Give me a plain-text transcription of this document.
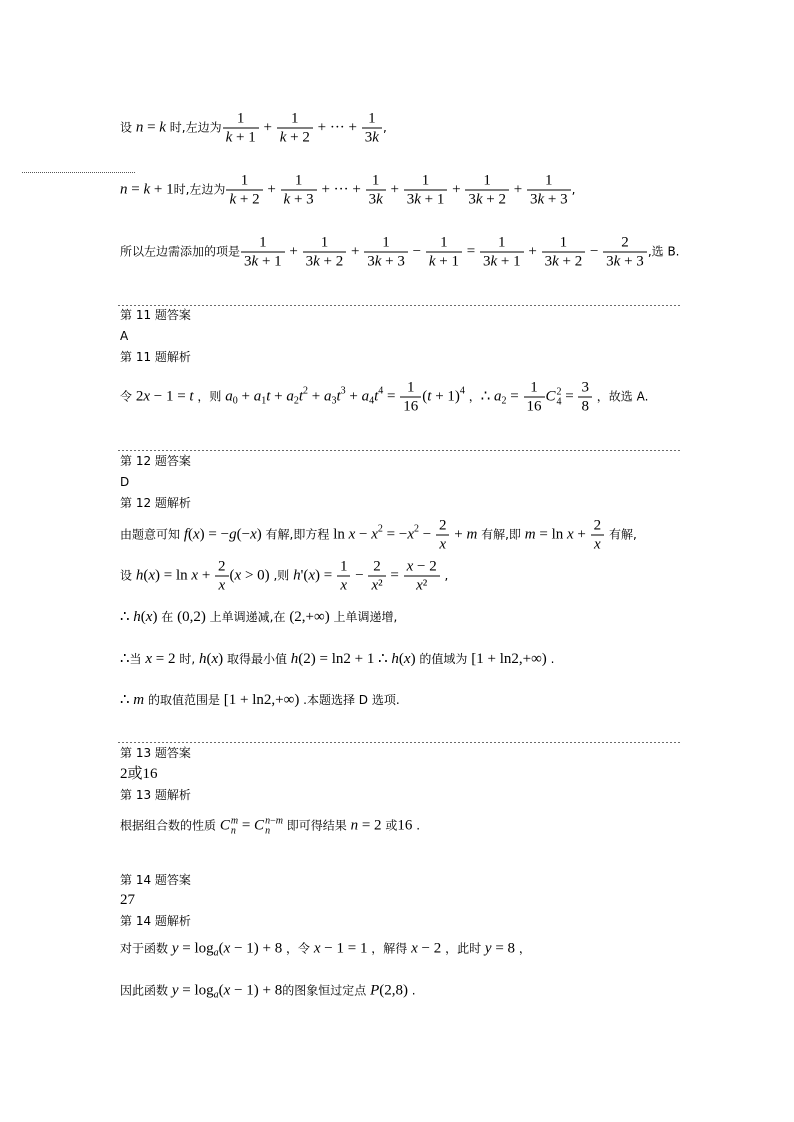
设 n = k 时,左边为 $\frac{1}{k + 1} + \frac{1}{k + 2}$ + ··· + $\frac{1}{3k}$ ,
n = k + 1时,左边为 $\frac{1}{k + 2} + \frac{1}{k + 3}$ + ··· + $\frac{1}{3k} + \frac{1}{3k + 1} + \frac{1}{3k + 2} + \frac{1}{3k + 3}$ ,
所以左边需添加的项是 $\frac{1}{3k + 1} + \frac{1}{3k + 2} + \frac{1}{3k + 3} - \frac{1}{k + 1} = \frac{1}{3k + 1} + \frac{1}{3k + 2} - \frac{2}{3k + 3}$ ,选 B.
第 11 题答案
A
第 11 题解析
令 2x − 1 = t ，则 $a_0 + a_1t + a_2t^2 + a_3t^3 + a_4t^4 = \frac{1}{16} (t + 1)^4$ ，∴ $a_2 = \frac{1}{16}$ C 2
$4 = \frac{3}{8}$ ，故选 A.
第 12 题答案
D
第 12 题解析
由题意可知 f(x) = −g(−x) 有解,即方程 $\ln x - x^2 = -x^2 - \frac{2}{x} + m$ 有解,即 $m = \ln x + \frac{2}{x}$ 有解,
设 $h(x) = \ln x + \frac{2}{x} (x > 0)$ ,则 $h'(x) = \frac{1}{x} - \frac{2}{\text{x²}} = \frac{x - 2}{\text{x²}}$ ,
∴ h(x) 在 (0,2) 上单调递减,在 (2,+∞) 上单调递增,
∴当 x = 2 时, h(x) 取得最小值 h(2) = ln2 + 1 ∴ h(x) 的值域为 [1 + ln2,+∞) .
∴ m 的取值范围是 [1 + ln2,+∞) .本题选择 D 选项.
第 13 题答案
2或16
第 13 题解析
根据组合数的性质 C m
n = C n−m
n	即可得结果 n = 2 或16 .
第 14 题答案
27
第 14 题解析
对于函数 $y = \log_a(x - 1) + 8$ ，令 x − 1 = 1 ，解得 x − 2 ，此时 y = 8 ，
因此函数 $y = \log_a(x - 1) + 8$的图象恒过定点 P(2,8) .
